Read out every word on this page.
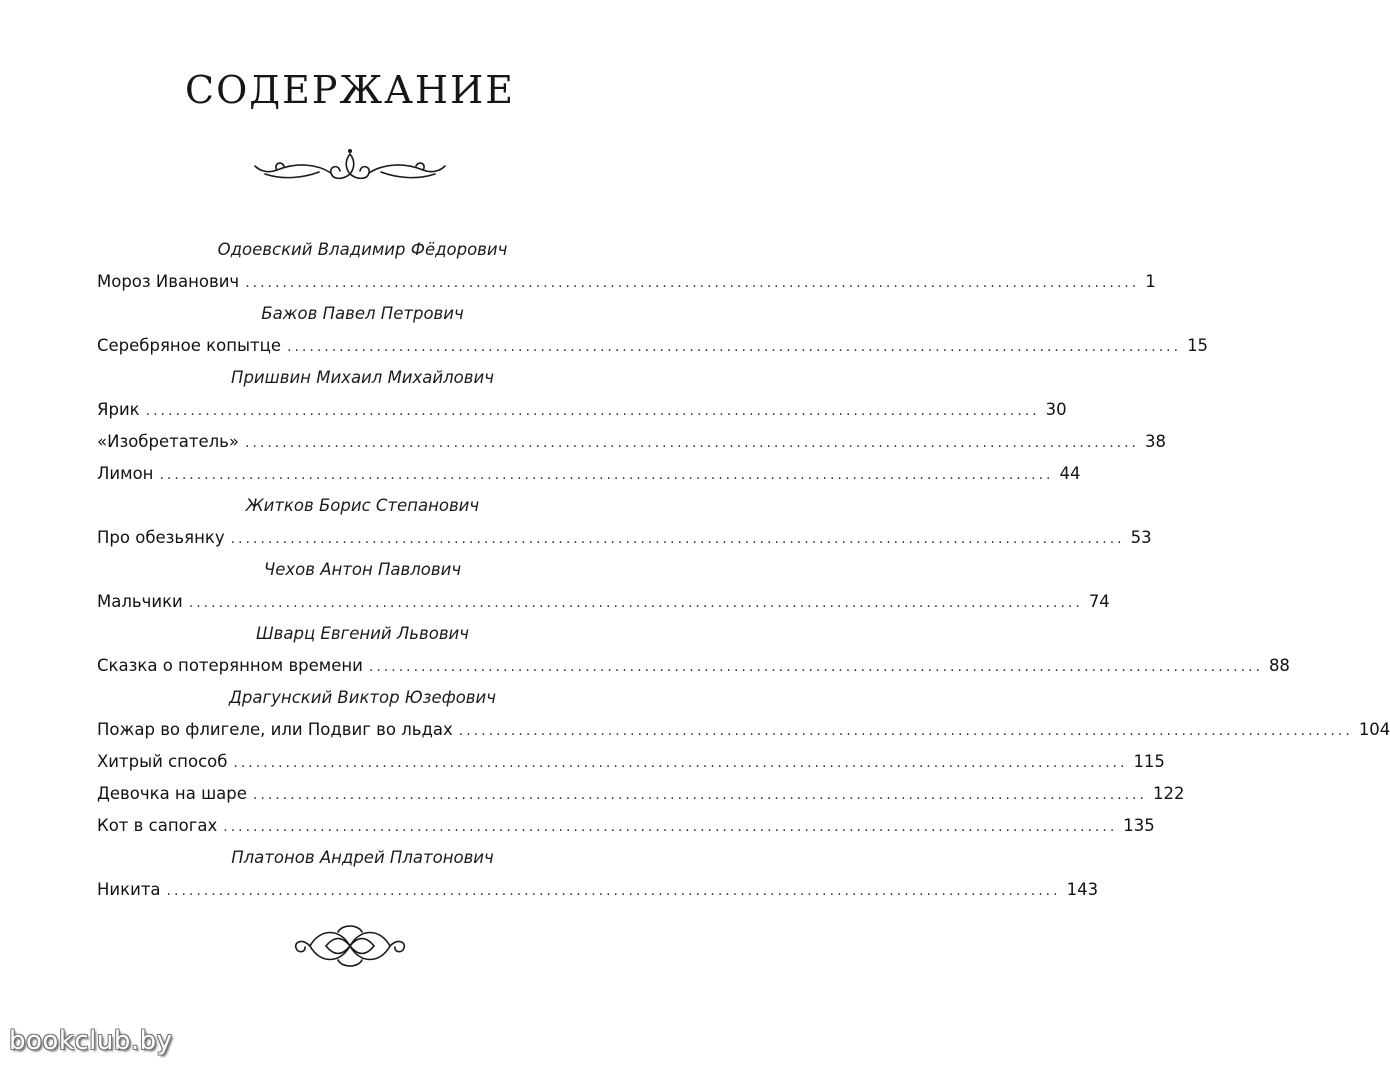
СОДЕРЖАНИЕ
Одоевский Владимир Фёдорович
Мороз Иванович ........................................................................................................................ 1
Бажов Павел Петрович
Серебряное копытце ........................................................................................................................ 15
Пришвин Михаил Михайлович
Ярик ........................................................................................................................ 30
«Изобретатель» ........................................................................................................................ 38
Лимон ........................................................................................................................ 44
Житков Борис Степанович
Про обезьянку ........................................................................................................................ 53
Чехов Антон Павлович
Мальчики ........................................................................................................................ 74
Шварц Евгений Львович
Сказка о потерянном времени ........................................................................................................................ 88
Драгунский Виктор Юзефович
Пожар во флигеле, или Подвиг во льдах ........................................................................................................................ 104
Хитрый способ ........................................................................................................................ 115
Девочка на шаре ........................................................................................................................ 122
Кот в сапогах ........................................................................................................................ 135
Платонов Андрей Платонович
Никита ........................................................................................................................ 143
bookclub.by
